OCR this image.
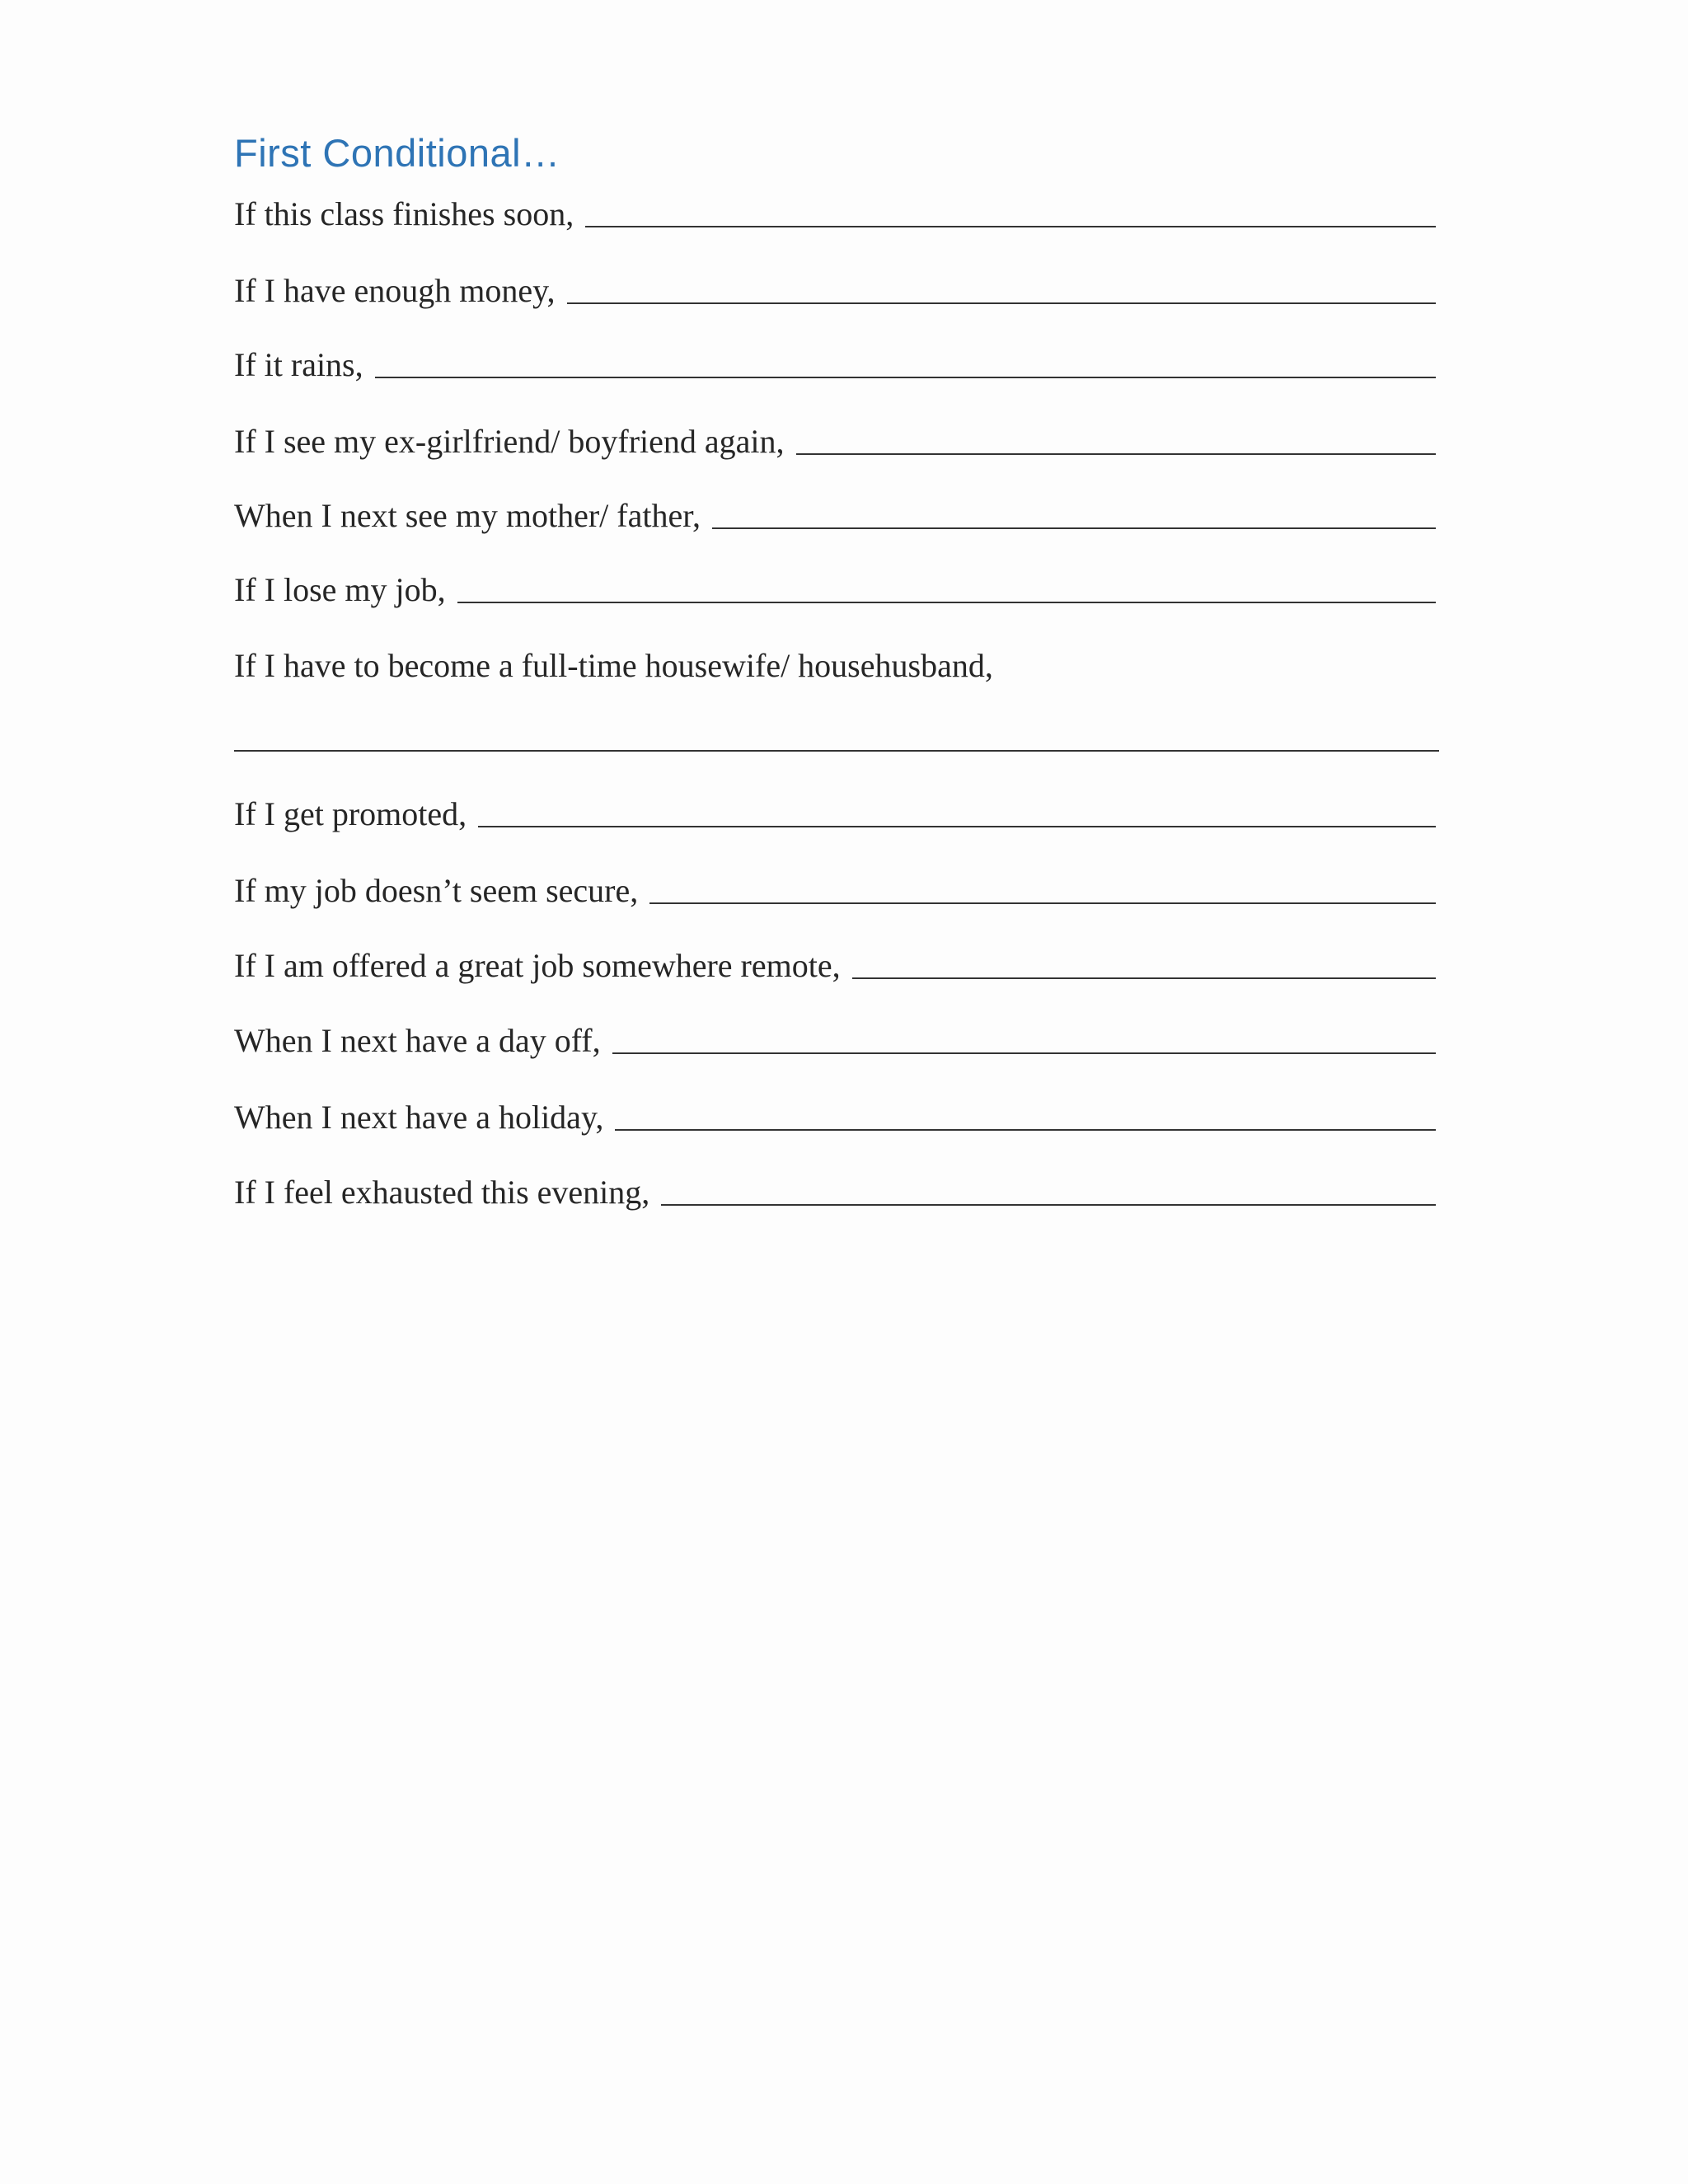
First Conditional…
If this class finishes soon,
If I have enough money,
If it rains,
If I see my ex-girlfriend/ boyfriend again,
When I next see my mother/ father,
If I lose my job,
If I have to become a full-time housewife/ househusband,
If I get promoted,
If my job doesn’t seem secure,
If I am offered a great job somewhere remote,
When I next have a day off,
When I next have a holiday,
If I feel exhausted this evening,
